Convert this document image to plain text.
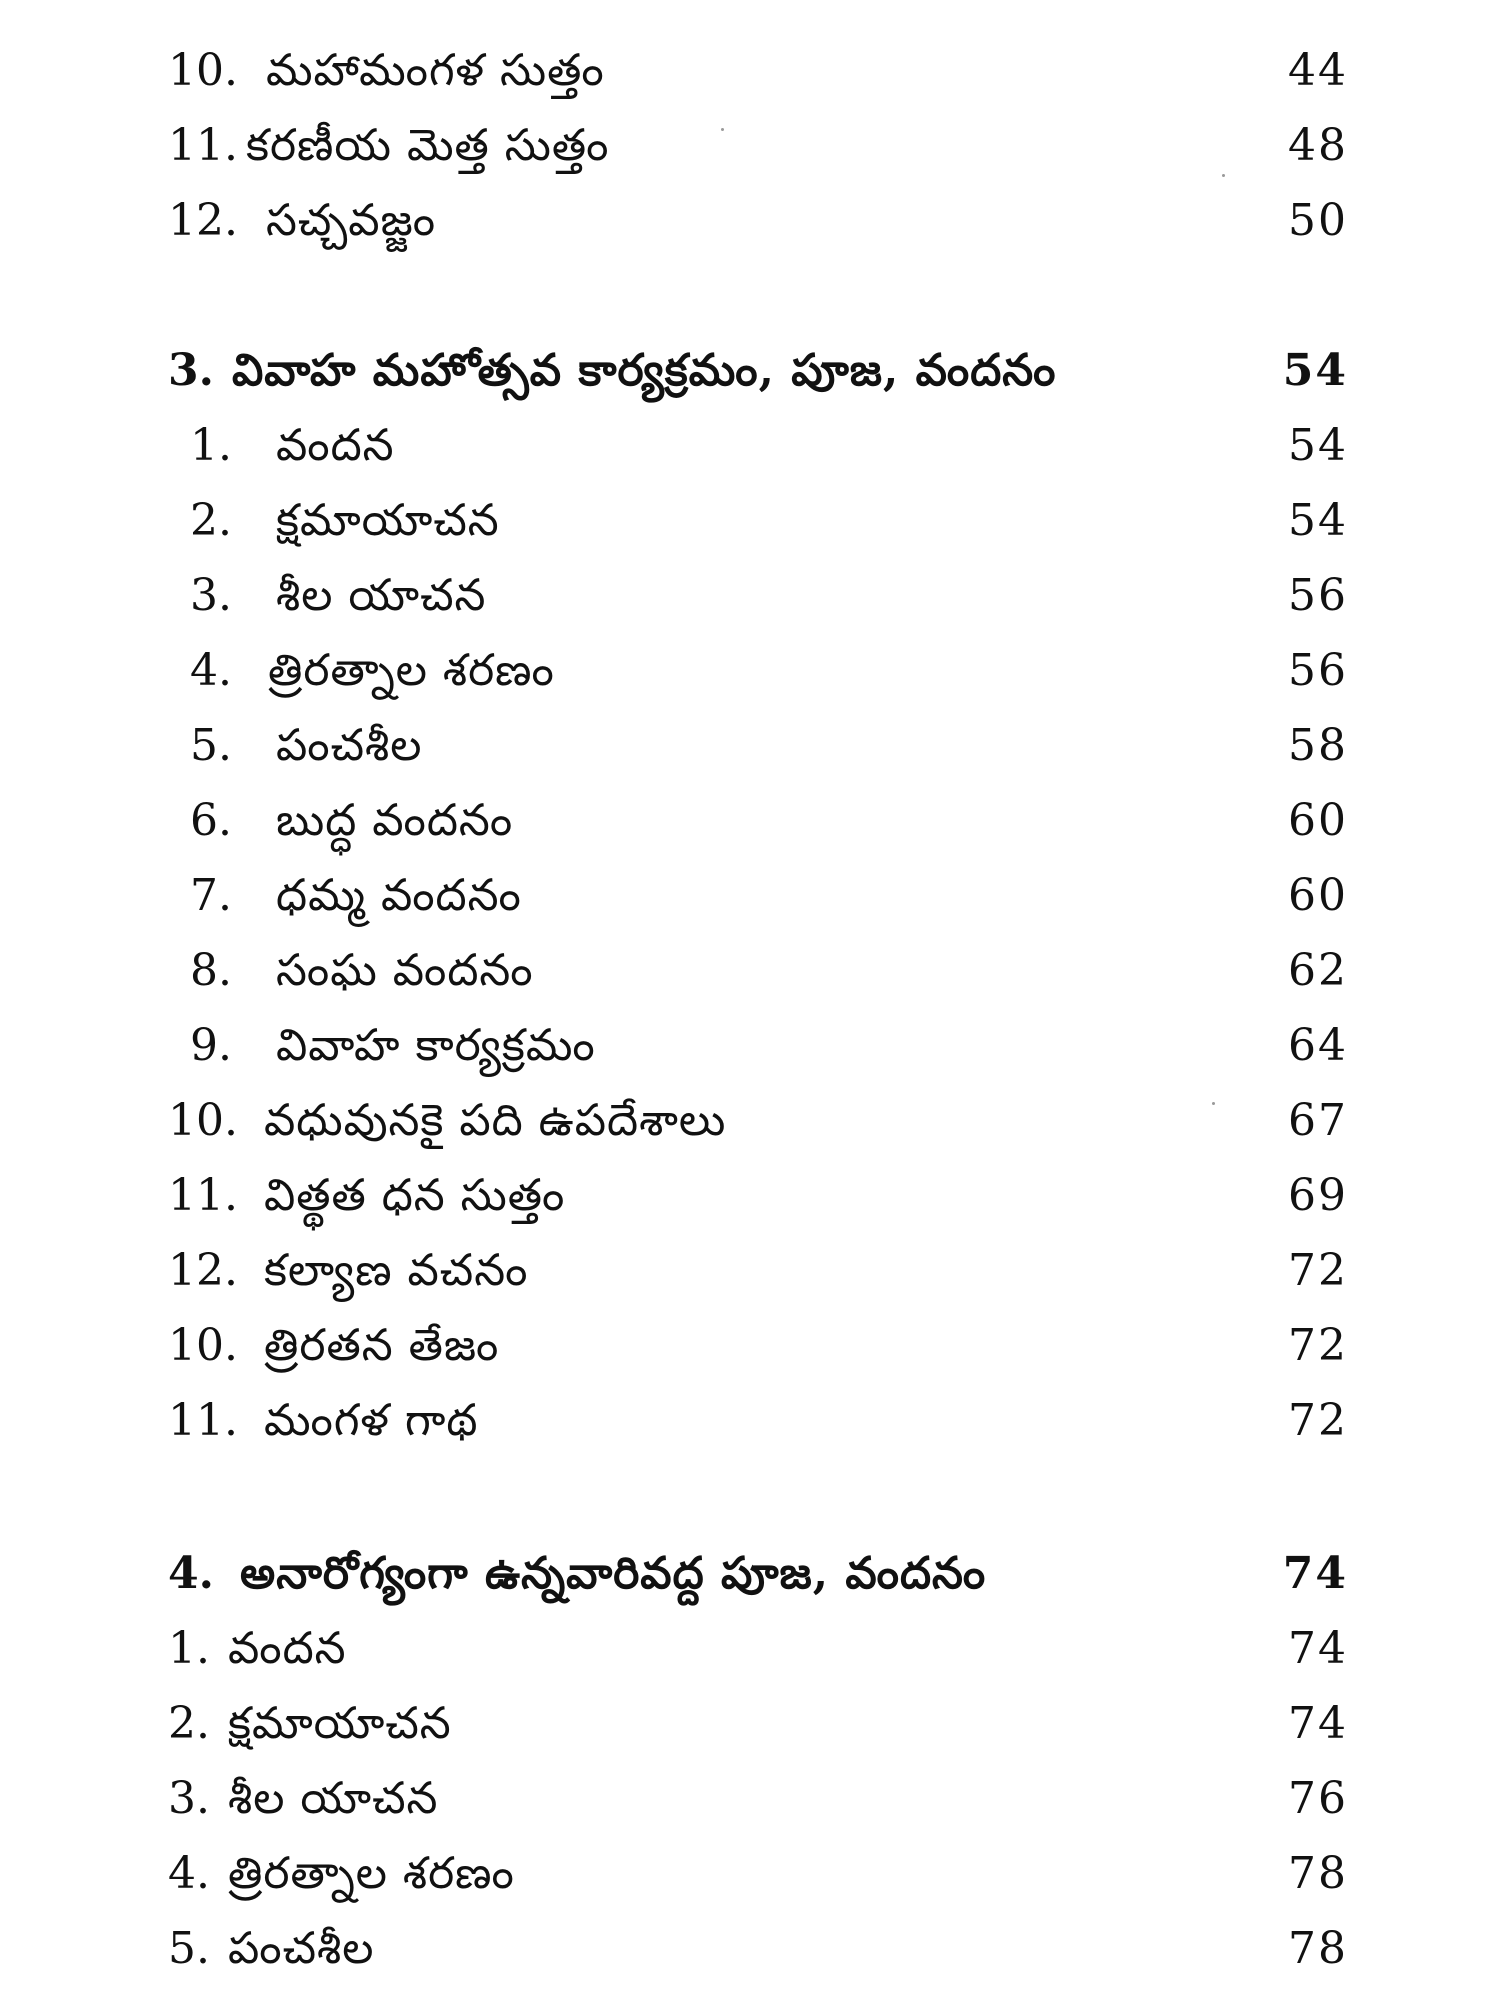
10. మహామంగళ సుత్తం	44
11. కరణీయ మెత్త సుత్తం	48
12. సచ్చవజ్జం	50
3. వివాహ మహోత్సవ కార్యక్రమం, పూజ, వందనం	54
1. వందన	54
2. క్షమాయాచన	54
3. శీల యాచన	56
4. త్రిరత్నాల శరణం	56
5. పంచశీల	58
6. బుద్ధ వందనం	60
7. ధమ్మ వందనం	60
8. సంఘ వందనం	62
9. వివాహ కార్యక్రమం	64
10. వధువునకై పది ఉపదేశాలు	67
11. విత్థత ధన సుత్తం	69
12. కల్యాణ వచనం	72
10. త్రిరతన తేజం	72
11. మంగళ గాథ	72
4. అనారోగ్యంగా ఉన్నవారివద్ద పూజ, వందనం	74
1. వందన	74
2. క్షమాయాచన	74
3. శీల యాచన	76
4. త్రిరత్నాల శరణం	78
5. పంచశీల	78
